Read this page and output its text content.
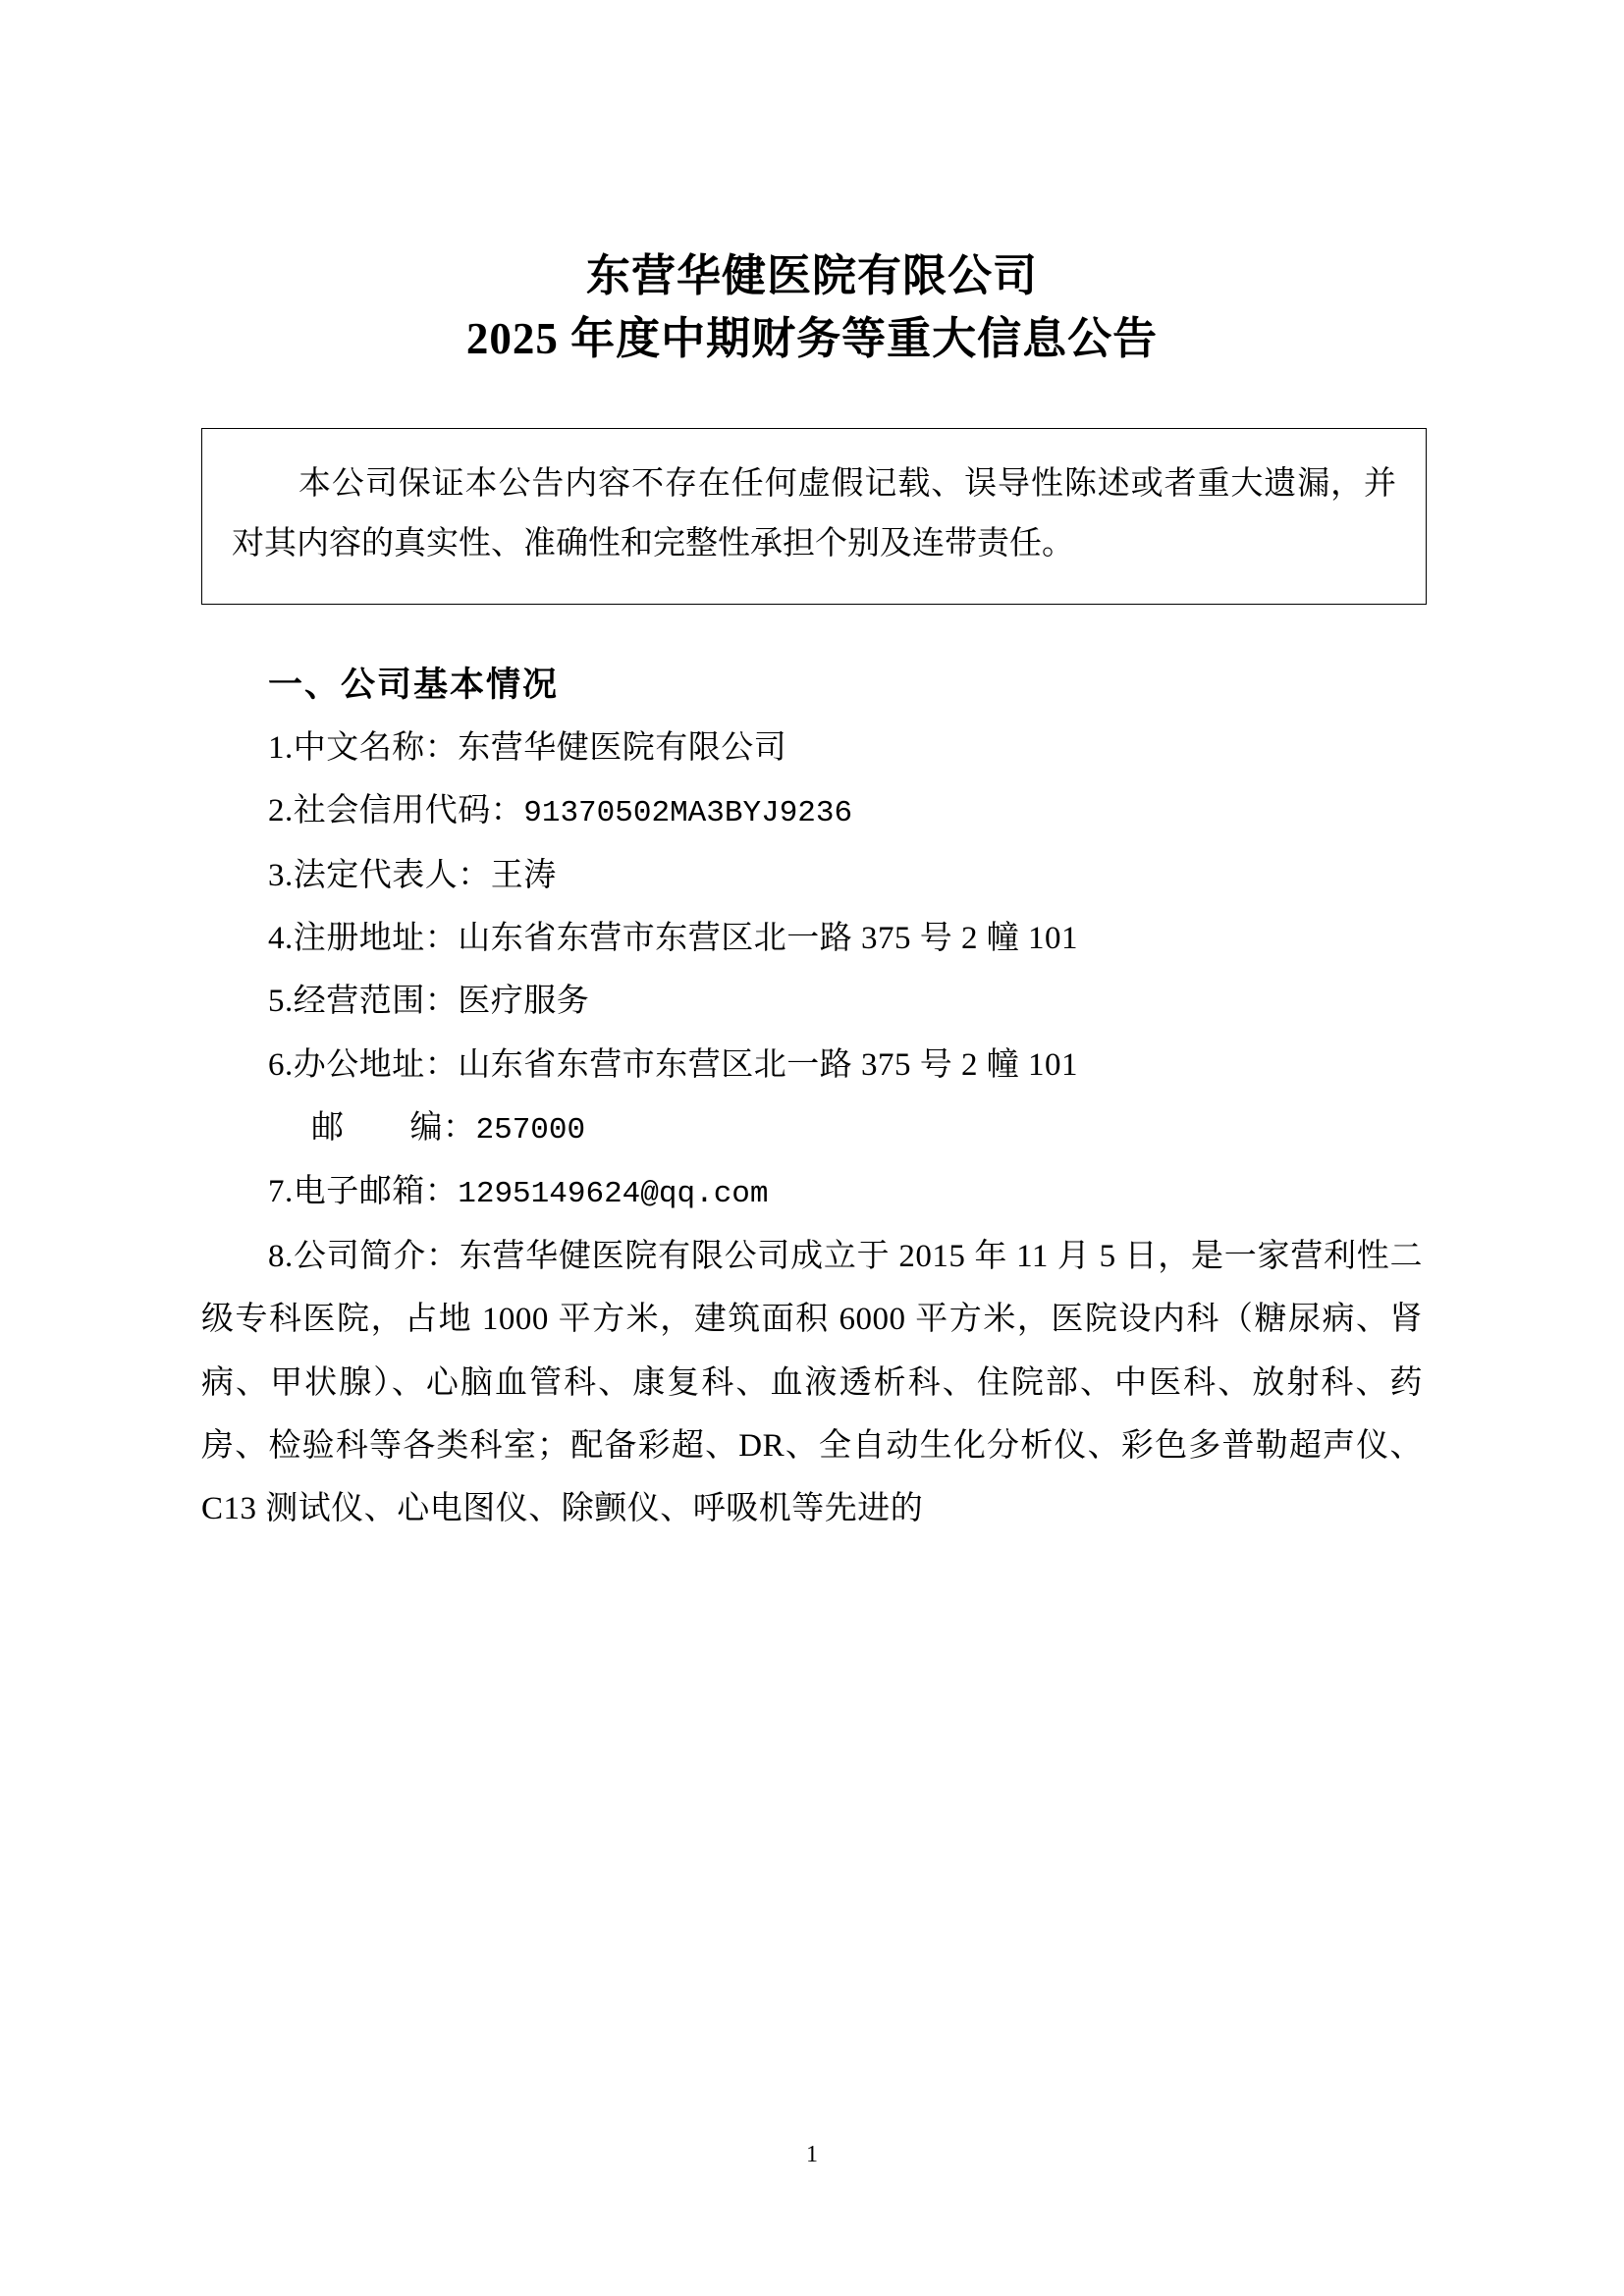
东营华健医院有限公司
2025 年度中期财务等重大信息公告

本公司保证本公告内容不存在任何虚假记载、误导性陈述或者重大遗漏，并对其内容的真实性、准确性和完整性承担个别及连带责任。

一、公司基本情况
1.中文名称：东营华健医院有限公司
2.社会信用代码：91370502MA3BYJ9236
3.法定代表人：王涛
4.注册地址：山东省东营市东营区北一路 375 号 2 幢 101
5.经营范围：医疗服务
6.办公地址：山东省东营市东营区北一路 375 号 2 幢 101
邮　　编：257000
7.电子邮箱：1295149624@qq.com

8.公司简介：东营华健医院有限公司成立于 2015 年 11 月 5 日，是一家营利性二级专科医院，占地 1000 平方米，建筑面积 6000 平方米，医院设内科（糖尿病、肾病、甲状腺）、心脑血管科、康复科、血液透析科、住院部、中医科、放射科、药房、检验科等各类科室；配备彩超、DR、全自动生化分析仪、彩色多普勒超声仪、C13 测试仪、心电图仪、除颤仪、呼吸机等先进的

1
